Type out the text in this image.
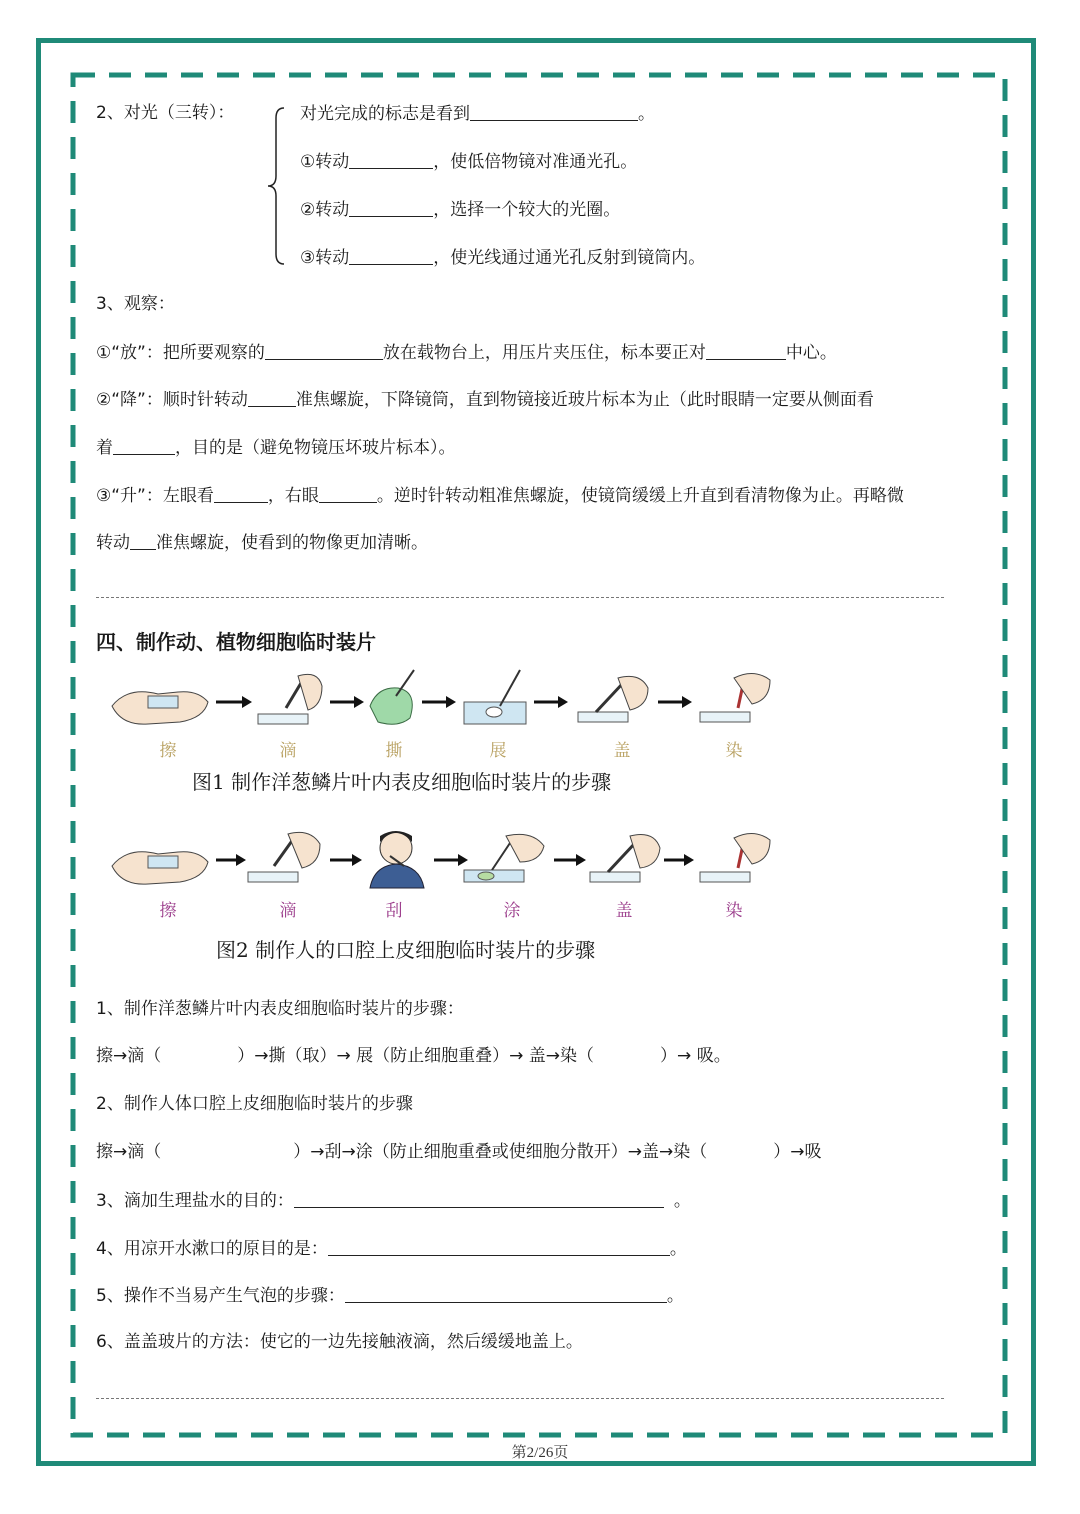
2、对光（三转）：	对光完成的标志是看到	。
①转动	，使低倍物镜对准通光孔。
②转动	，选择一个较大的光圈。
③转动	，使光线通过通光孔反射到镜筒内。
3、观察：
①“放”：把所要观察的	放在载物台上，用压片夹压住，标本要正对	中心。
②“降”：顺时针转动	准焦螺旋，下降镜筒，直到物镜接近玻片标本为止（此时眼睛一定要从侧面看
着	，目的是（避免物镜压坏玻片标本）。
③“升”：左眼看	，右眼	。逆时针转动粗准焦螺旋，使镜筒缓缓上升直到看清物像为止。再略微
转动 准焦螺旋，使看到的物像更加清晰。
四、制作动、植物细胞临时装片
擦	滴	撕	展	盖	染
图1 制作洋葱鳞片叶内表皮细胞临时装片的步骤
擦	滴	刮	涂	盖	染
图2 制作人的口腔上皮细胞临时装片的步骤
1、制作洋葱鳞片叶内表皮细胞临时装片的步骤：
擦→滴（	）→撕（取）→ 展（防止细胞重叠）→ 盖→染（	）→ 吸。
2、制作人体口腔上皮细胞临时装片的步骤
擦→滴（	）→刮→涂（防止细胞重叠或使细胞分散开）→盖→染（	）→吸
3、滴加生理盐水的目的：	。
4、用凉开水漱口的原目的是：	。
5、操作不当易产生气泡的步骤：	。
6、盖盖玻片的方法：使它的一边先接触液滴，然后缓缓地盖上。
第2/26页
